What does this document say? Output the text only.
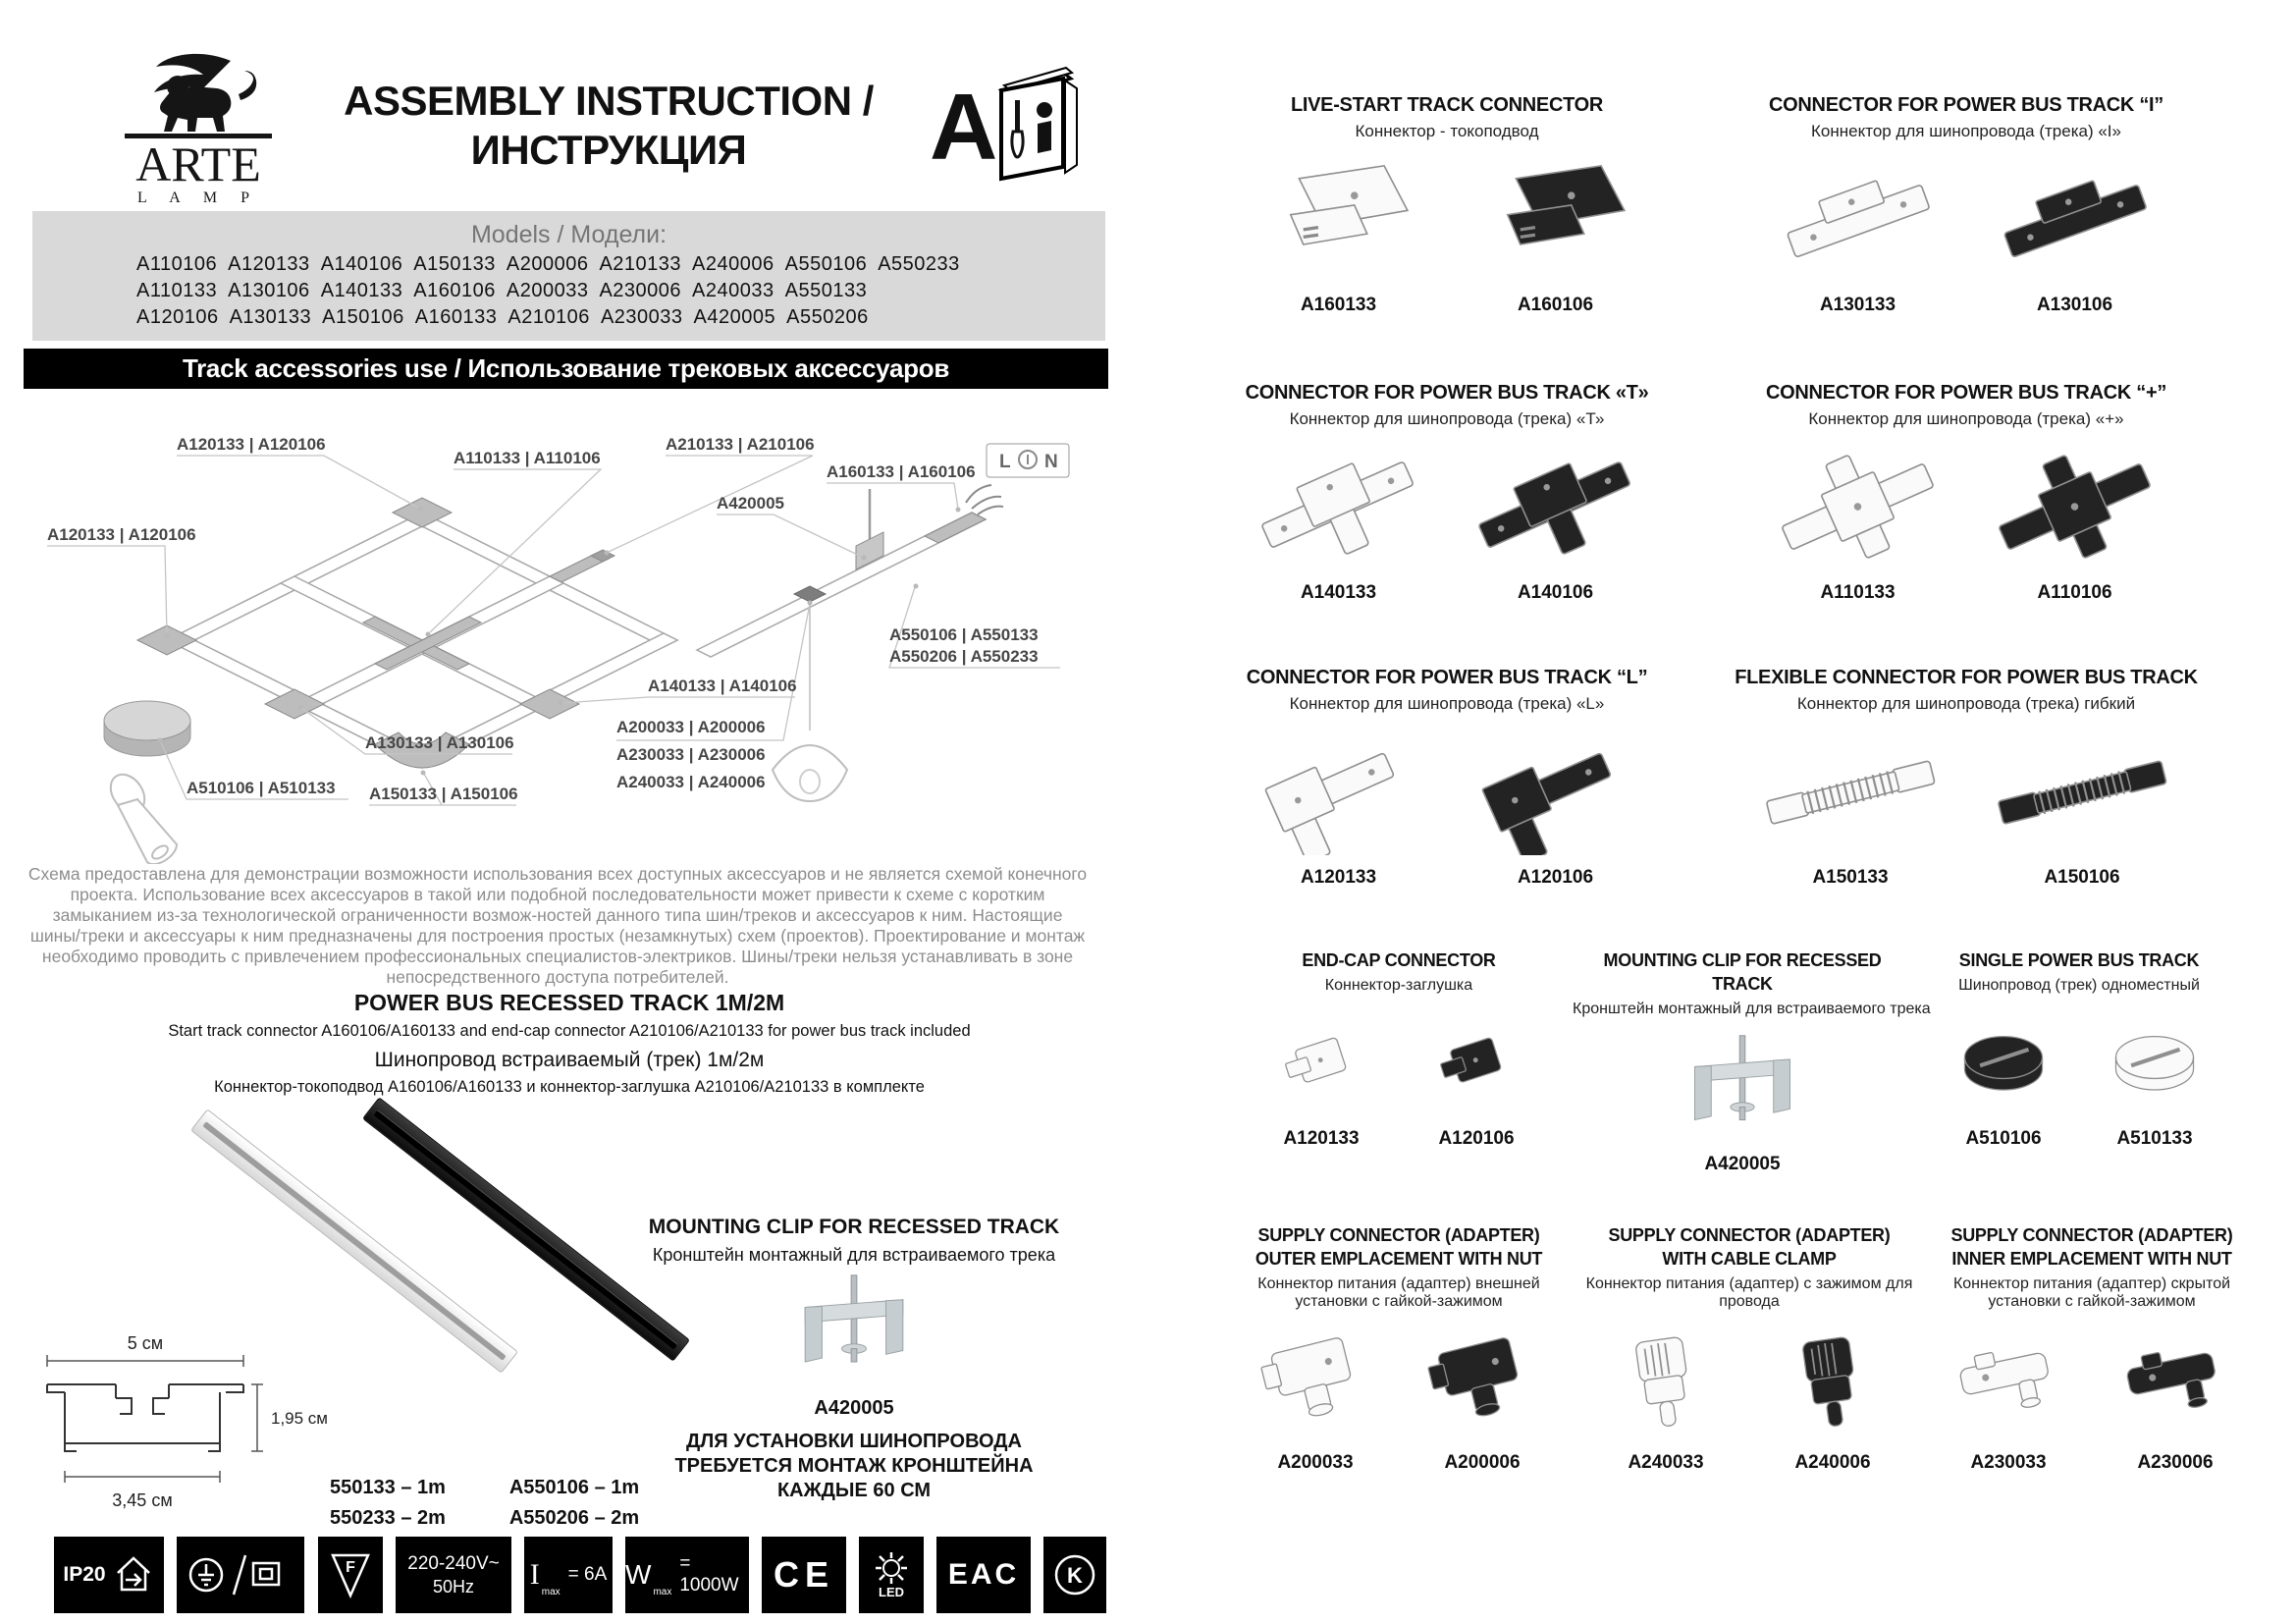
ARTE
L A M P
ASSEMBLY INSTRUCTION /
ИНСТРУКЦИЯ	A
Models / Модели:
A110106  A120133  A140106  A150133  A200006  A210133  A240006  A550106  A550233
A110133  A130106  A140133  A160106  A200033  A230006  A240033  A550133
A120106  A130133  A150106  A160133  A210106  A230033  A420005  A550206
Track accessories use / Использование трековых аксессуаров
L N
A120133 | A120106
A110133 | A110106
A210133 | A210106
A160133 | A160106
A420005
A120133 | A120106
A550106 | A550133
A550206 | A550233
A130133 | A130106
A140133 | A140106
A200033 | A200006
A230033 | A230006
A240033 | A240006
A510106 | A510133 A150133 | A150106
Схема предоставлена для демонстрации возможности использования всех доступных аксессуаров и не является схемой конечного проекта. Использование всех аксессуаров в такой или подобной последовательности может привести к схеме с коротким замыканием из-за технологической ограниченности возмож-ностей данного типа шин/треков и аксессуаров к ним. Настоящие шины/треки и аксессуары к ним предназначены для построения простых (незамкнутых) схем (проектов). Проектирование и монтаж необходимо проводить с привлечением профессиональных специалистов-электриков. Шины/треки нельзя устанавливать в зоне непосредственного доступа потребителей.
POWER BUS RECESSED TRACK 1M/2M
Start track connector A160106/A160133 and end-cap connector A210106/A210133 for power bus track included
Шинопровод встраиваемый (трек) 1м/2м
Коннектор-токоподвод A160106/A160133 и коннектор-заглушка A210106/A210133 в комплекте
5 см
1,95 см
3,45 см
550133 – 1m
550233 – 2m
A550106 – 1m
A550206 – 2m
MOUNTING CLIP FOR RECESSED TRACK
Кронштейн монтажный для встраиваемого трека
A420005
ДЛЯ УСТАНОВКИ ШИНОПРОВОДА
ТРЕБУЕТСЯ МОНТАЖ КРОНШТЕЙНА
КАЖДЫЕ 60 СМ
IP20	F	220-240V~
50Hz I
max
= 6A W
max
= 1000W CE	LED
EAC K
LIVE-START TRACK CONNECTOR
Коннектор - токоподвод
A160133	A160106
CONNECTOR FOR POWER BUS TRACK “I”
Коннектор для шинопровода (трека) «I»
A130133	A130106
CONNECTOR FOR POWER BUS TRACK «T»
Коннектор для шинопровода (трека) «Т»
A140133	A140106
CONNECTOR FOR POWER BUS TRACK “+”
Коннектор для шинопровода (трека) «+»
A110133	A110106
CONNECTOR FOR POWER BUS TRACK “L”
Коннектор для шинопровода (трека) «L»
A120133	A120106
FLEXIBLE CONNECTOR FOR POWER BUS TRACK
Коннектор для шинопровода (трека) гибкий
A150133	A150106
END-CAP CONNECTOR
Коннектор-заглушка
A120133	A120106
MOUNTING CLIP FOR RECESSED TRACK
Кронштейн монтажный для встраиваемого трека
A420005
SINGLE POWER BUS TRACK
Шинопровод (трек) одноместный
A510106	A510133
SUPPLY CONNECTOR (ADAPTER)
OUTER EMPLACEMENT WITH NUT
Коннектор питания (адаптер) внешней установки с гайкой-зажимом
A200033	A200006
SUPPLY CONNECTOR (ADAPTER)
WITH CABLE CLAMP
Коннектор питания (адаптер) с зажимом для провода
A240033	A240006
SUPPLY CONNECTOR (ADAPTER)
INNER EMPLACEMENT WITH NUT
Коннектор питания (адаптер) скрытой установки с гайкой-зажимом
A230033	A230006
